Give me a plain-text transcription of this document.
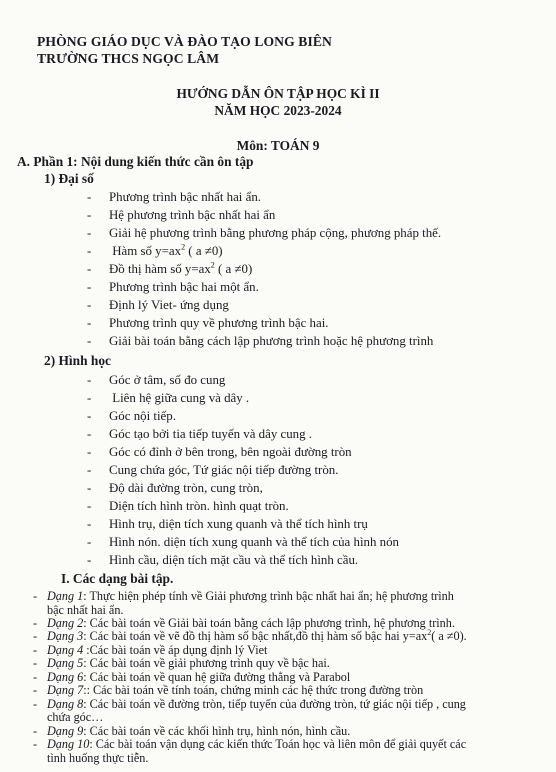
PHÒNG GIÁO DỤC VÀ ĐÀO TẠO LONG BIÊN
TRƯỜNG THCS NGỌC LÂM
HƯỚNG DẪN ÔN TẬP HỌC KÌ II
NĂM HỌC 2023-2024
Môn: TOÁN 9
A. Phần 1: Nội dung kiến thức cần ôn tập
1) Đại số
- Phương trình bậc nhất hai ẩn.
- Hệ phương trình bậc nhất hai ẩn
- Giải hệ phương trình bằng phương pháp cộng, phương pháp thế.
- Hàm số $y=ax^2$ ( a ≠0)
- Đồ thị hàm số $y=ax^2$ ( a ≠0)
- Phương trình bậc hai một ẩn.
- Định lý Viet- ứng dụng
- Phương trình quy về phương trình bậc hai.
- Giải bài toán bằng cách lập phương trình hoặc hệ phương trình
2) Hình học
- Góc ở tâm, số đo cung
- Liên hệ giữa cung và dây .
- Góc nội tiếp.
- Góc tạo bởi tia tiếp tuyến và dây cung .
- Góc có đỉnh ở bên trong, bên ngoài đường tròn
- Cung chứa góc, Tứ giác nội tiếp đường tròn.
- Độ dài đường tròn, cung tròn,
- Diện tích hình tròn. hình quạt tròn.
- Hình trụ, diện tích xung quanh và thể tích hình trụ
- Hình nón. diện tích xung quanh và thể tích của hình nón
- Hình cầu, diện tích mặt cầu và thể tích hình cầu.
I. Các dạng bài tập.
- Dạng 1: Thực hiện phép tính về Giải phương trình bậc nhất hai ẩn; hệ phương trình
bậc nhất hai ẩn.
- Dạng 2: Các bài toán về Giải bài toán bằng cách lập phương trình, hệ phương trình.
- Dạng 3: Các bài toán về vẽ đồ thị hàm số bậc nhất,đồ thị hàm số bậc hai $y=ax^2$( a ≠0).
- Dạng 4 :Các bài toán về áp dụng định lý Viet
- Dạng 5: Các bài toán về giải phương trình quy về bậc hai.
- Dạng 6: Các bài toán về quan hệ giữa đường thẳng và Parabol
- Dạng 7:: Các bài toán về tính toán, chứng minh các hệ thức trong đường tròn
- Dạng 8: Các bài toán về đường tròn, tiếp tuyến của đường tròn, tứ giác nội tiếp , cung
chứa góc…
- Dạng 9: Các bài toán về các khối hình trụ, hình nón, hình cầu.
- Dạng 10: Các bài toán vận dụng các kiến thức Toán học và liên môn để giải quyết các
tình huống thực tiễn.
